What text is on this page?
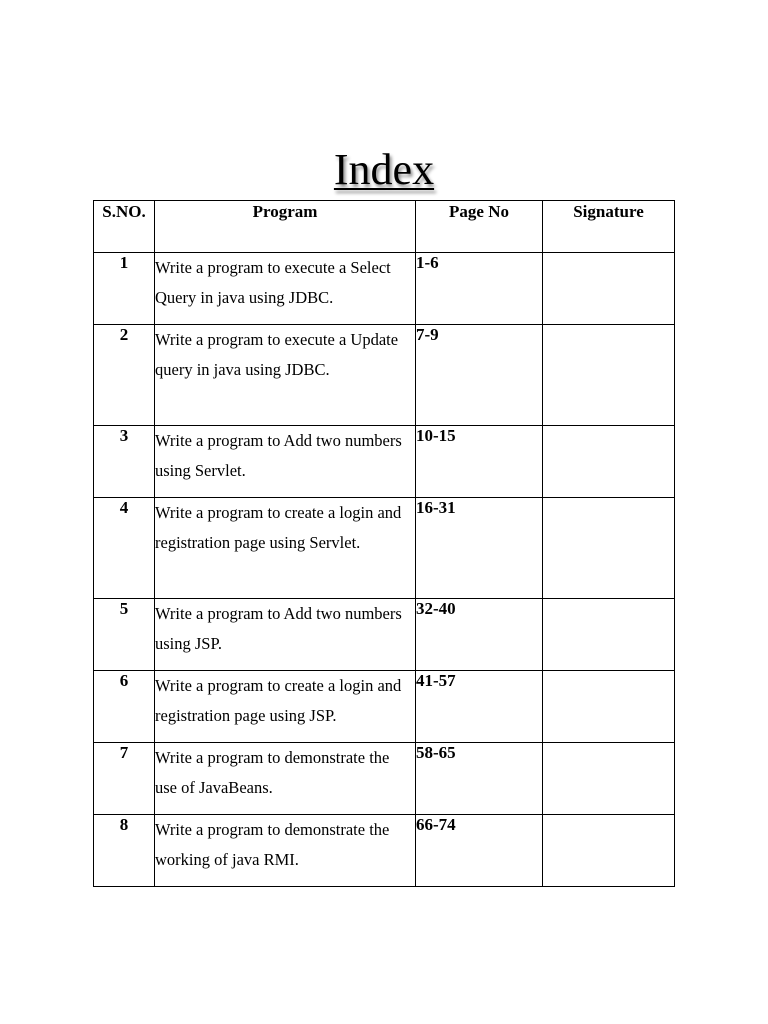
Index
S.NO.	Program	Page No	Signature
1	Write a program to execute a Select Query in java using JDBC.	1-6	
2	Write a program to execute a Update query in java using JDBC.	7-9	
3	Write a program to Add two numbers using Servlet.	10-15	
4	Write a program to create a login and registration page using Servlet.	16-31	
5	Write a program to Add two numbers using JSP.	32-40	
6	Write a program to create a login and registration page using JSP.	41-57	
7	Write a program to demonstrate the use of JavaBeans.	58-65	
8	Write a program to demonstrate the working of java RMI.	66-74	
